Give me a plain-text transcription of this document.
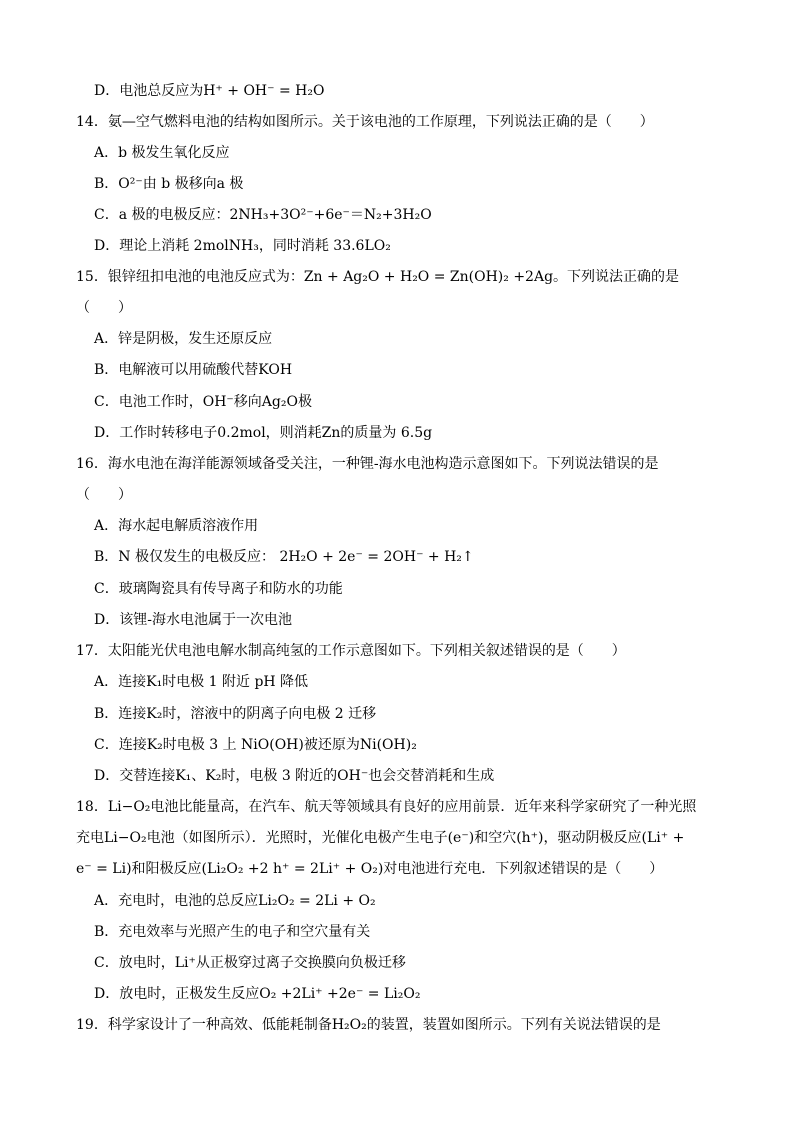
D．电池总反应为H⁺ + OH⁻ = H₂O
14．氨—空气燃料电池的结构如图所示。关于该电池的工作原理，下列说法正确的是（　　）
A．b 极发生氧化反应
B．O²⁻由 b 极移向a 极
C．a 极的电极反应：2NH₃+3O²⁻+6e⁻＝N₂+3H₂O
D．理论上消耗 2molNH₃，同时消耗 33.6LO₂
15．银锌纽扣电池的电池反应式为：Zn + Ag₂O + H₂O = Zn(OH)₂ +2Ag。下列说法正确的是
（　　）
A．锌是阴极，发生还原反应
B．电解液可以用硫酸代替KOH
C．电池工作时，OH⁻移向Ag₂O极
D．工作时转移电子0.2mol，则消耗Zn的质量为 6.5g
16．海水电池在海洋能源领域备受关注，一种锂-海水电池构造示意图如下。下列说法错误的是
（　　）
A．海水起电解质溶液作用
B．N 极仅发生的电极反应： 2H₂O + 2e⁻ = 2OH⁻ + H₂↑
C．玻璃陶瓷具有传导离子和防水的功能
D．该锂-海水电池属于一次电池
17．太阳能光伏电池电解水制高纯氢的工作示意图如下。下列相关叙述错误的是（　　）
A．连接K₁时电极 1 附近 pH 降低
B．连接K₂时，溶液中的阴离子向电极 2 迁移
C．连接K₂时电极 3 上 NiO(OH)被还原为Ni(OH)₂
D．交替连接K₁、K₂时，电极 3 附近的OH⁻也会交替消耗和生成
18．Li−O₂电池比能量高，在汽车、航天等领域具有良好的应用前景．近年来科学家研究了一种光照
充电Li−O₂电池（如图所示）．光照时，光催化电极产生电子(e⁻)和空穴(h⁺)，驱动阴极反应(Li⁺ +
e⁻ = Li)和阳极反应(Li₂O₂ +2 h⁺ = 2Li⁺ + O₂)对电池进行充电．下列叙述错误的是（　　）
A．充电时，电池的总反应Li₂O₂ = 2Li + O₂
B．充电效率与光照产生的电子和空穴量有关
C．放电时，Li⁺从正极穿过离子交换膜向负极迁移
D．放电时，正极发生反应O₂ +2Li⁺ +2e⁻ = Li₂O₂
19．科学家设计了一种高效、低能耗制备H₂O₂的装置，装置如图所示。下列有关说法错误的是
